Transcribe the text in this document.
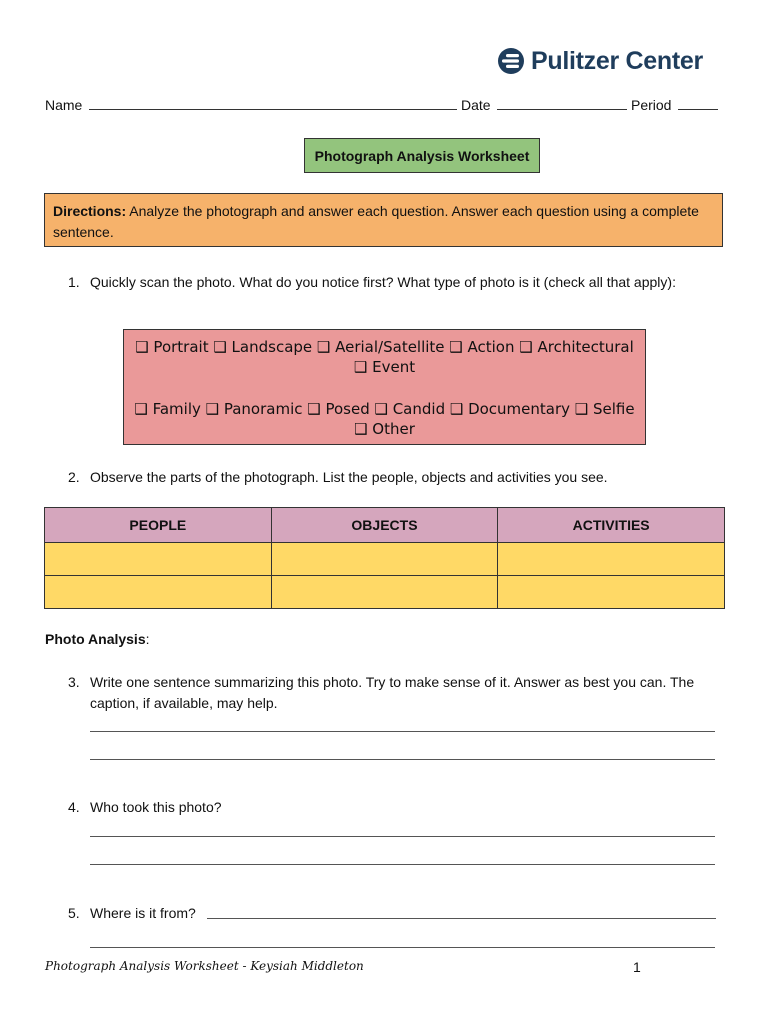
Pulitzer Center
Name	Date	Period
Photograph Analysis Worksheet
Directions: Analyze the photograph and answer each question. Answer each question using a complete sentence.
1. Quickly scan the photo. What do you notice first? What type of photo is it (check all that apply):
❑ Portrait ❑ Landscape ❑ Aerial/Satellite ❑ Action ❑ Architectural
❑ Event
❑ Family ❑ Panoramic ❑ Posed ❑ Candid ❑ Documentary ❑ Selfie
❑ Other
2. Observe the parts of the photograph. List the people, objects and activities you see.
PEOPLE	OBJECTS	ACTIVITIES

Photo Analysis:
3. Write one sentence summarizing this photo. Try to make sense of it. Answer as best you can. The caption, if available, may help.
4. Who took this photo?
5. Where is it from?
Photograph Analysis Worksheet - Keysiah Middleton	1
